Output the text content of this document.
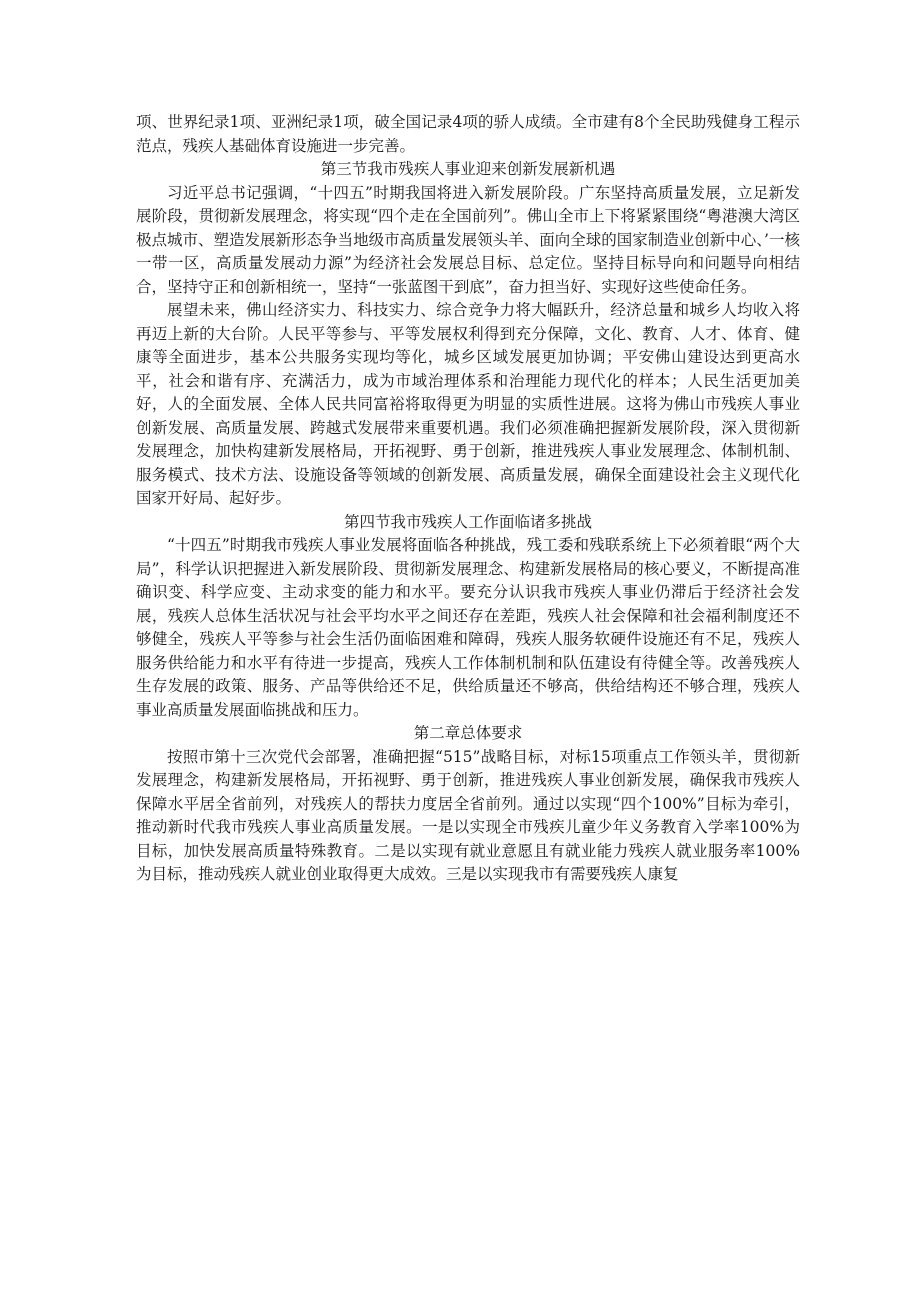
项、世界纪录1项、亚洲纪录1项，破全国记录4项的骄人成绩。全市建有8个全民助残健身工程示范点，残疾人基础体育设施进一步完善。

第三节我市残疾人事业迎来创新发展新机遇

习近平总书记强调，“十四五”时期我国将进入新发展阶段。广东坚持高质量发展，立足新发展阶段，贯彻新发展理念，将实现“四个走在全国前列”。佛山全市上下将紧紧围绕“粤港澳大湾区极点城市、塑造发展新形态争当地级市高质量发展领头羊、面向全球的国家制造业创新中心、’一核一带一区，高质量发展动力源”为经济社会发展总目标、总定位。坚持目标导向和问题导向相结合，坚持守正和创新相统一，坚持“一张蓝图干到底”，奋力担当好、实现好这些使命任务。

展望未来，佛山经济实力、科技实力、综合竞争力将大幅跃升，经济总量和城乡人均收入将再迈上新的大台阶。人民平等参与、平等发展权利得到充分保障，文化、教育、人才、体育、健康等全面进步，基本公共服务实现均等化，城乡区域发展更加协调；平安佛山建设达到更高水平，社会和谐有序、充满活力，成为市域治理体系和治理能力现代化的样本；人民生活更加美好，人的全面发展、全体人民共同富裕将取得更为明显的实质性进展。这将为佛山市残疾人事业创新发展、高质量发展、跨越式发展带来重要机遇。我们必须准确把握新发展阶段，深入贯彻新发展理念，加快构建新发展格局，开拓视野、勇于创新，推进残疾人事业发展理念、体制机制、服务模式、技术方法、设施设备等领域的创新发展、高质量发展，确保全面建设社会主义现代化国家开好局、起好步。

第四节我市残疾人工作面临诸多挑战

“十四五”时期我市残疾人事业发展将面临各种挑战，残工委和残联系统上下必须着眼“两个大局”，科学认识把握进入新发展阶段、贯彻新发展理念、构建新发展格局的核心要义，不断提高准确识变、科学应变、主动求变的能力和水平。要充分认识我市残疾人事业仍滞后于经济社会发展，残疾人总体生活状况与社会平均水平之间还存在差距，残疾人社会保障和社会福利制度还不够健全，残疾人平等参与社会生活仍面临困难和障碍，残疾人服务软硬件设施还有不足，残疾人服务供给能力和水平有待进一步提高，残疾人工作体制机制和队伍建设有待健全等。改善残疾人生存发展的政策、服务、产品等供给还不足，供给质量还不够高，供给结构还不够合理，残疾人事业高质量发展面临挑战和压力。

第二章总体要求

按照市第十三次党代会部署，准确把握“515”战略目标，对标15项重点工作领头羊，贯彻新发展理念，构建新发展格局，开拓视野、勇于创新，推进残疾人事业创新发展，确保我市残疾人保障水平居全省前列，对残疾人的帮扶力度居全省前列。通过以实现“四个100%”目标为牵引，推动新时代我市残疾人事业高质量发展。一是以实现全市残疾儿童少年义务教育入学率100%为目标，加快发展高质量特殊教育。二是以实现有就业意愿且有就业能力残疾人就业服务率100%为目标，推动残疾人就业创业取得更大成效。三是以实现我市有需要残疾人康复
